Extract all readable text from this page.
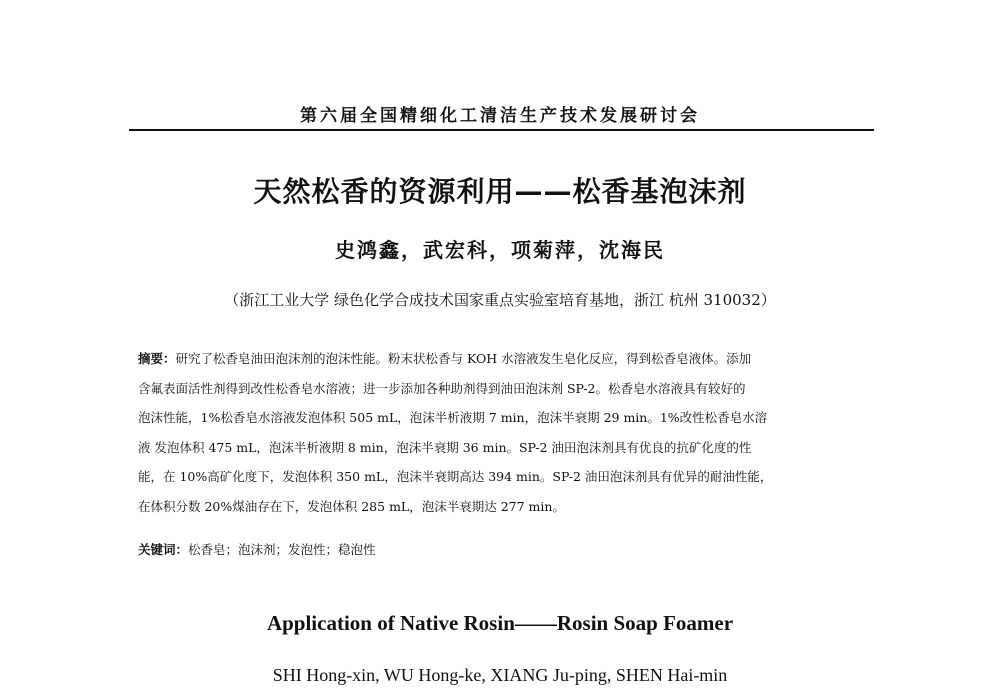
第六届全国精细化工清洁生产技术发展研讨会
天然松香的资源利用——松香基泡沫剂
史鸿鑫，武宏科，项菊萍，沈海民
（浙江工业大学 绿色化学合成技术国家重点实验室培育基地，浙江 杭州 310032）
摘要：研究了松香皂油田泡沫剂的泡沫性能。粉末状松香与 KOH 水溶液发生皂化反应，得到松香皂液体。添加
含氟表面活性剂得到改性松香皂水溶液；进一步添加各种助剂得到油田泡沫剂 SP-2。松香皂水溶液具有较好的
泡沫性能，1%松香皂水溶液发泡体积 505 mL，泡沫半析液期 7 min，泡沫半衰期 29 min。1%改性松香皂水溶
液 发泡体积 475 mL，泡沫半析液期 8 min，泡沫半衰期 36 min。SP-2 油田泡沫剂具有优良的抗矿化度的性
能，在 10%高矿化度下，发泡体积 350 mL，泡沫半衰期高达 394 min。SP-2 油田泡沫剂具有优异的耐油性能，
在体积分数 20%煤油存在下，发泡体积 285 mL，泡沫半衰期达 277 min。
关键词：松香皂；泡沫剂；发泡性；稳泡性
Application of Native Rosin——Rosin Soap Foamer
SHI Hong-xin, WU Hong-ke, XIANG Ju-ping, SHEN Hai-min
